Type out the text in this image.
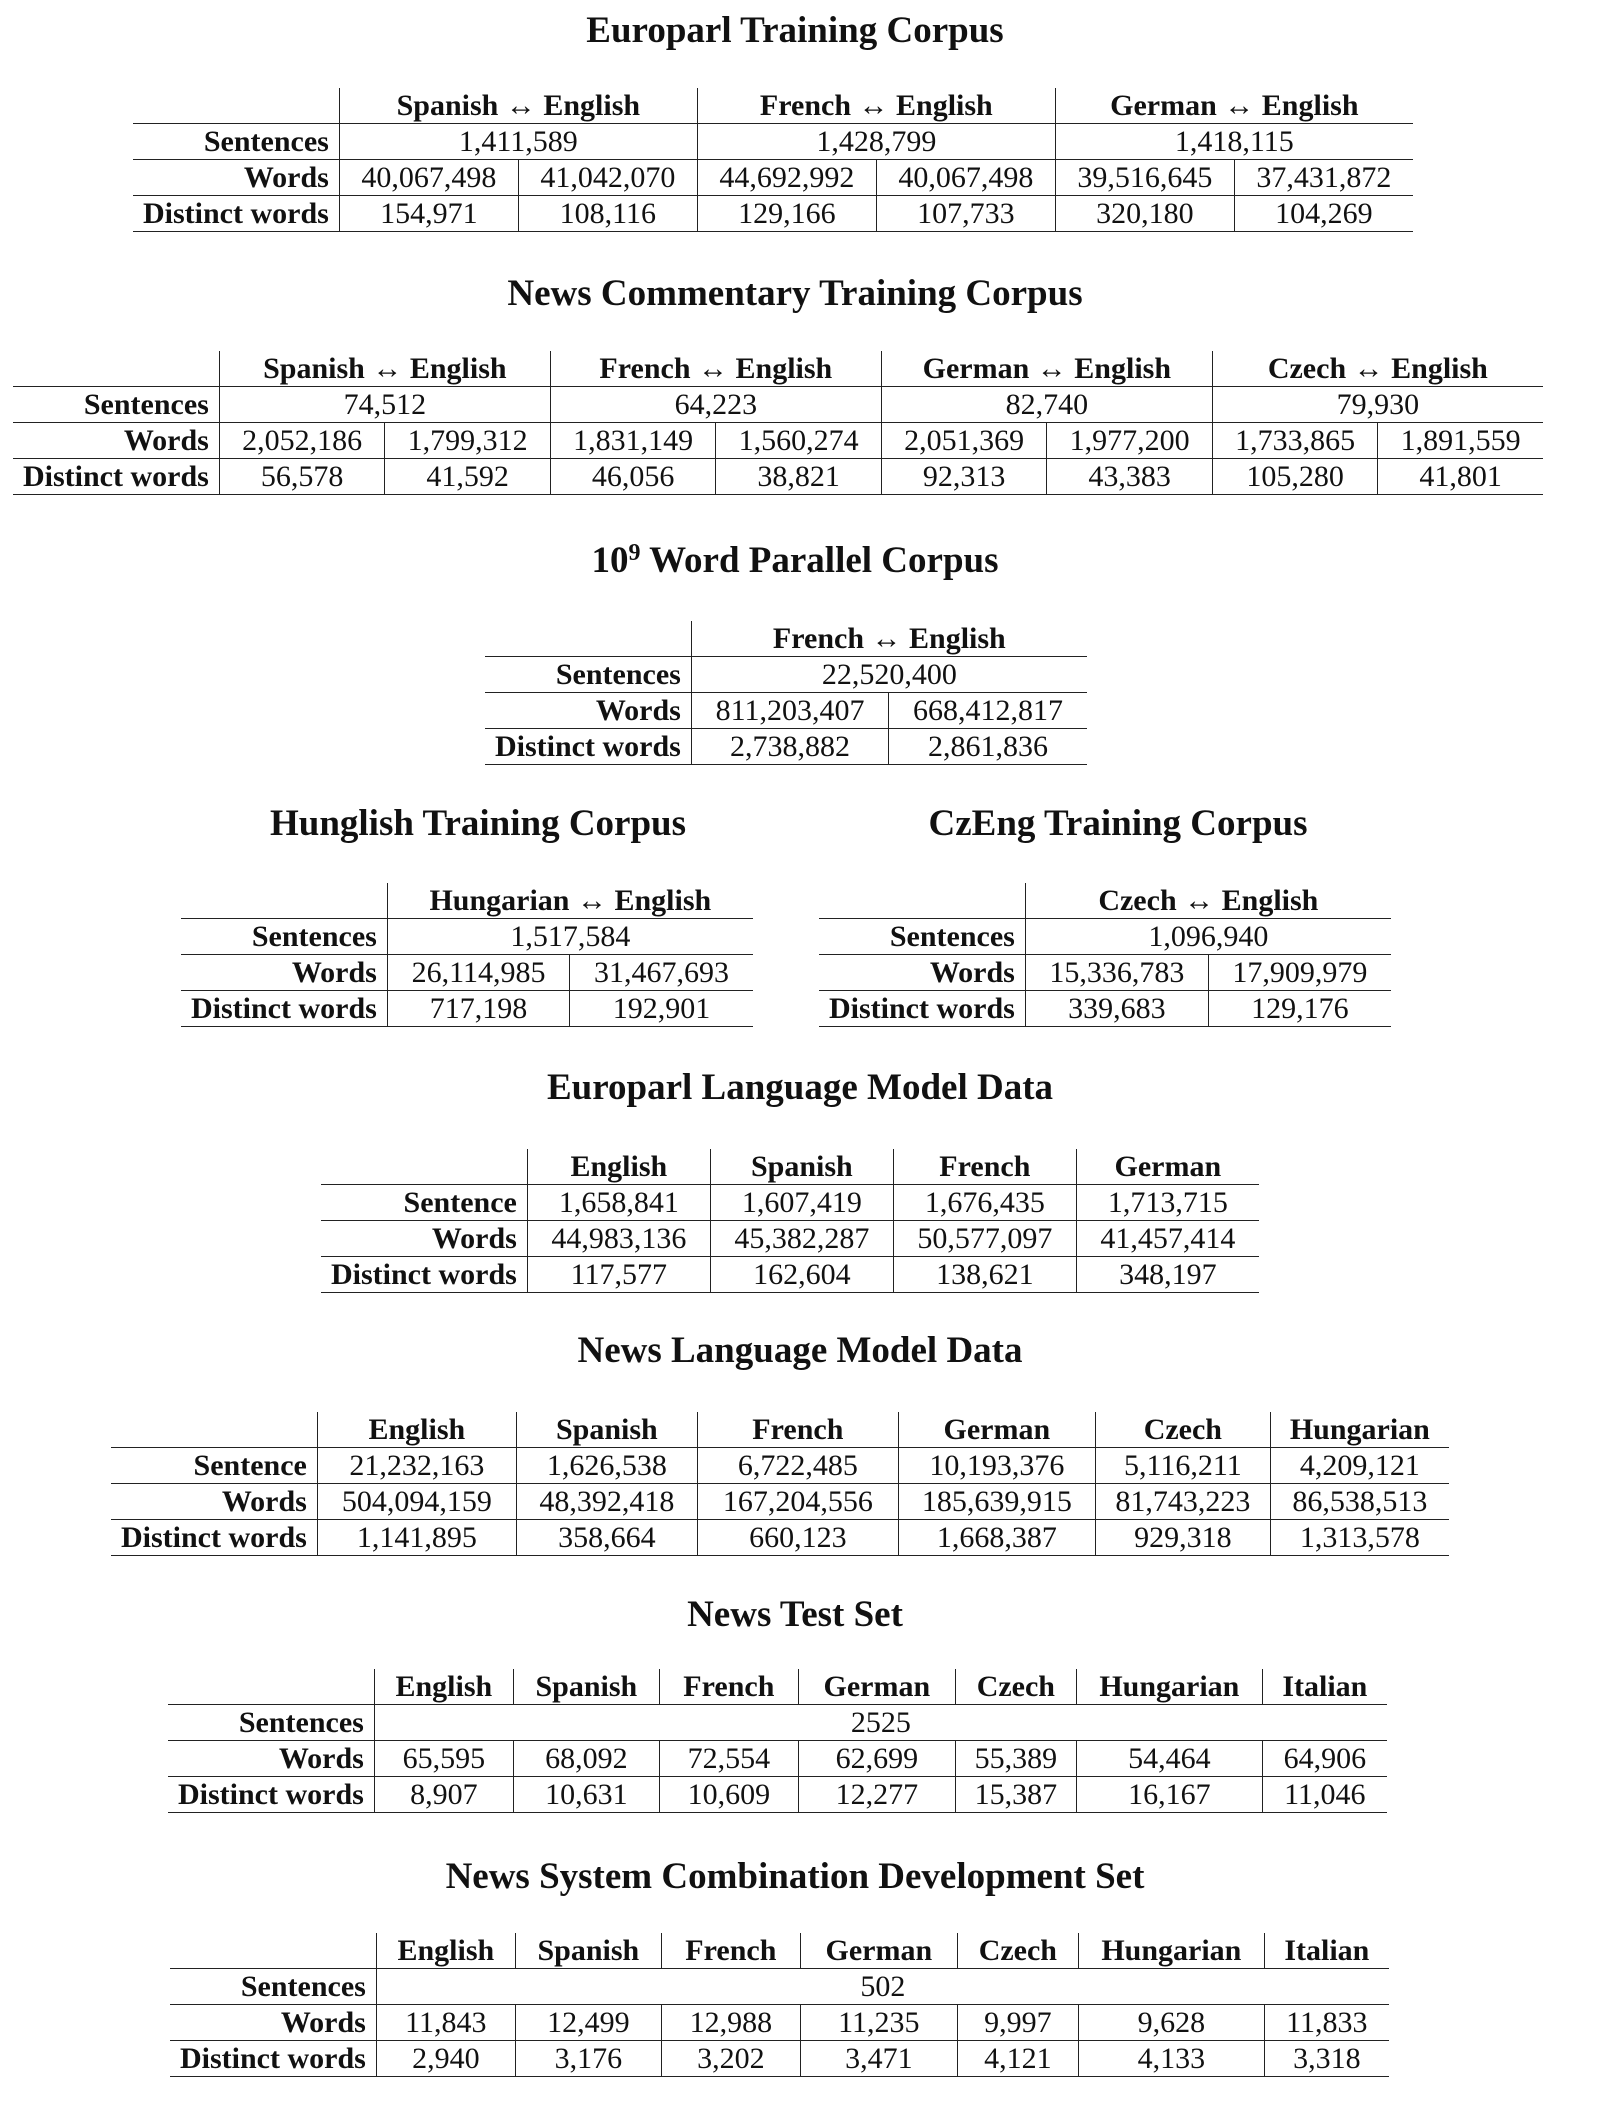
Europarl Training Corpus
	Spanish ↔ English		French ↔ English		German ↔ English	
Sentences	1,411,589		1,428,799		1,418,115	
Words	40,067,498	41,042,070	44,692,992	40,067,498	39,516,645	37,431,872
Distinct words	154,971	108,116	129,166	107,733	320,180	104,269
News Commentary Training Corpus
	Spanish ↔ English		French ↔ English		German ↔ English		Czech ↔ English	
Sentences	74,512		64,223		82,740		79,930	
Words	2,052,186	1,799,312	1,831,149	1,560,274	2,051,369	1,977,200	1,733,865	1,891,559
Distinct words	56,578	41,592	46,056	38,821	92,313	43,383	105,280	41,801
$10^9$ Word Parallel Corpus
	French ↔ English	
Sentences	22,520,400	
Words	811,203,407	668,412,817
Distinct words	2,738,882	2,861,836
Hunglish Training Corpus
	Hungarian ↔ English	
Sentences	1,517,584	
Words	26,114,985	31,467,693
Distinct words	717,198	192,901
CzEng Training Corpus
	Czech ↔ English	
Sentences	1,096,940	
Words	15,336,783	17,909,979
Distinct words	339,683	129,176
Europarl Language Model Data
	English	Spanish	French	German
Sentence	1,658,841	1,607,419	1,676,435	1,713,715
Words	44,983,136	45,382,287	50,577,097	41,457,414
Distinct words	117,577	162,604	138,621	348,197
News Language Model Data
	English	Spanish	French	German	Czech	Hungarian
Sentence	21,232,163	1,626,538	6,722,485	10,193,376	5,116,211	4,209,121
Words	504,094,159	48,392,418	167,204,556	185,639,915	81,743,223	86,538,513
Distinct words	1,141,895	358,664	660,123	1,668,387	929,318	1,313,578
News Test Set
	English	Spanish	French	German	Czech	Hungarian	Italian
Sentences	2525						
Words	65,595	68,092	72,554	62,699	55,389	54,464	64,906
Distinct words	8,907	10,631	10,609	12,277	15,387	16,167	11,046
News System Combination Development Set
	English	Spanish	French	German	Czech	Hungarian	Italian
Sentences	502						
Words	11,843	12,499	12,988	11,235	9,997	9,628	11,833
Distinct words	2,940	3,176	3,202	3,471	4,121	4,133	3,318
